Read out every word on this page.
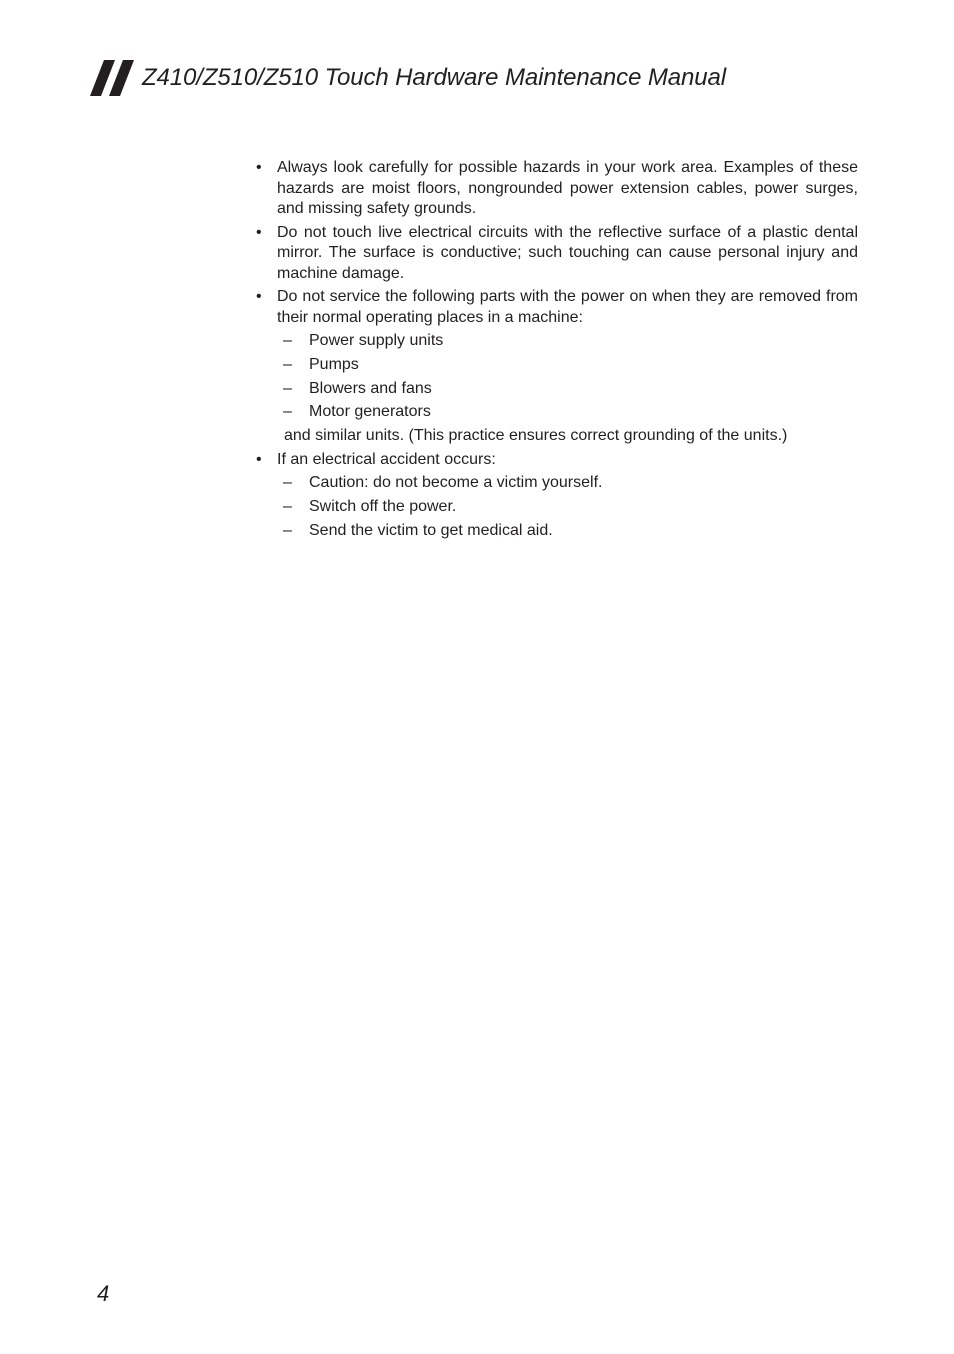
Z410/Z510/Z510 Touch Hardware Maintenance Manual
• Always look carefully for possible hazards in your work area. Examples of these hazards are moist floors, nongrounded power extension cables, power surges, and missing safety grounds.
• Do not touch live electrical circuits with the reflective surface of a plastic dental mirror. The surface is conductive; such touching can cause personal injury and machine damage.
• Do not service the following parts with the power on when they are removed from their normal operating places in a machine:
– Power supply units
– Pumps
– Blowers and fans
– Motor generators
and similar units. (This practice ensures correct grounding of the units.)
• If an electrical accident occurs:
– Caution: do not become a victim yourself.
– Switch off the power.
– Send the victim to get medical aid.
4
